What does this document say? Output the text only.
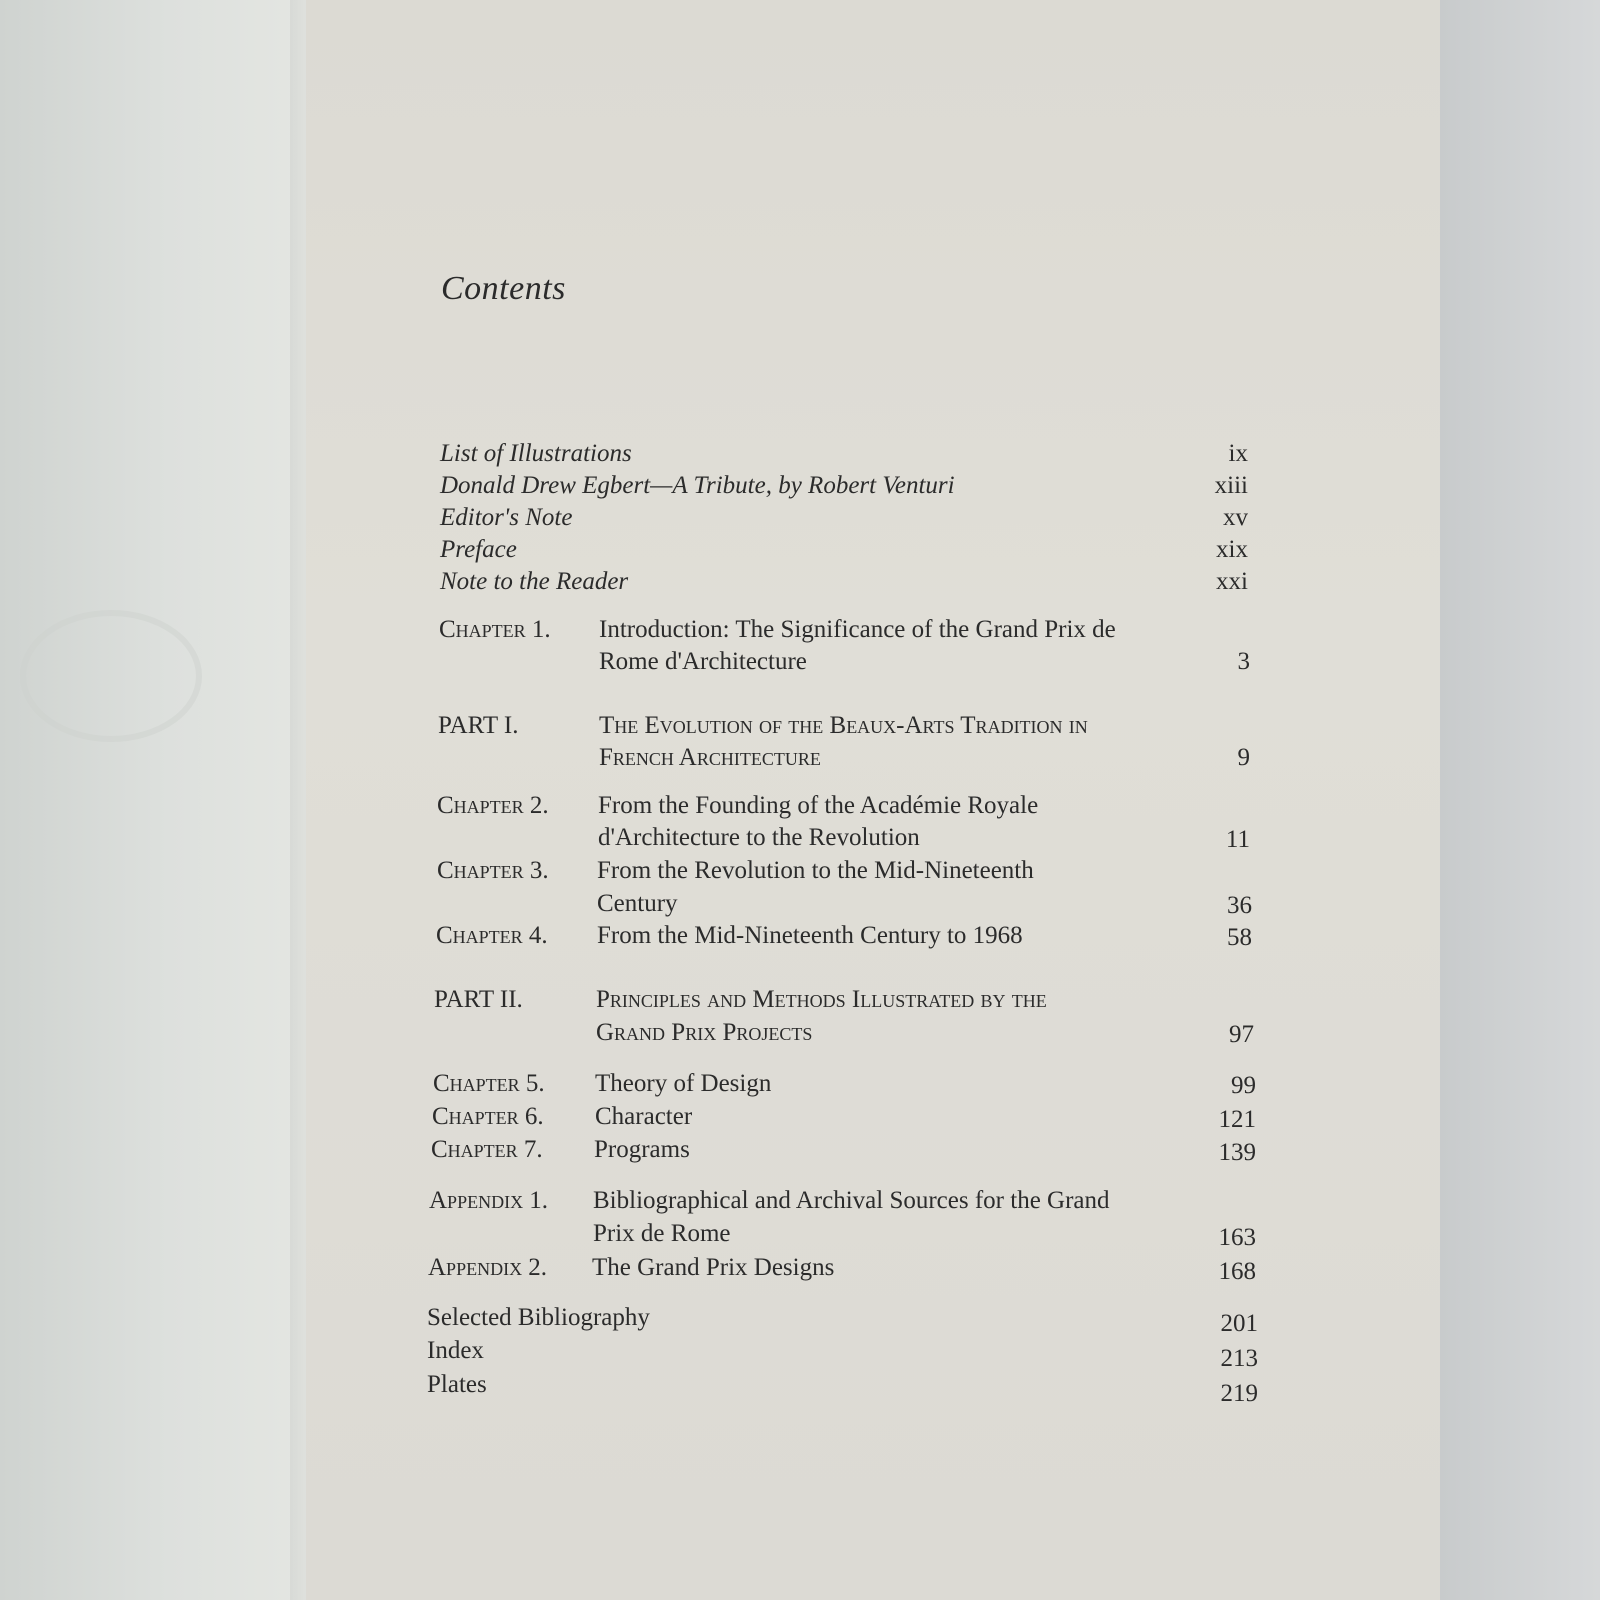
Contents
List of Illustrations	ix
Donald Drew Egbert—A Tribute, by Robert Venturi	xiii
Editor's Note	xv
Preface	xix
Note to the Reader	xxi
Chapter 1. Introduction: The Significance of the Grand Prix de
Rome d'Architecture	3
PART I.	The Evolution of the Beaux-Arts Tradition in
French Architecture	9
Chapter 2. From the Founding of the Académie Royale
d'Architecture to the Revolution	11
Chapter 3. From the Revolution to the Mid-Nineteenth
Century	36
Chapter 4. From the Mid-Nineteenth Century to 1968	58
PART II.	Principles and Methods Illustrated by the
Grand Prix Projects	97
Chapter 5. Theory of Design	99
Chapter 6. Character	121
Chapter 7. Programs	139
Appendix 1. Bibliographical and Archival Sources for the Grand
Prix de Rome	163
Appendix 2. The Grand Prix Designs	168
Selected Bibliography	201
Index	213
Plates	219
